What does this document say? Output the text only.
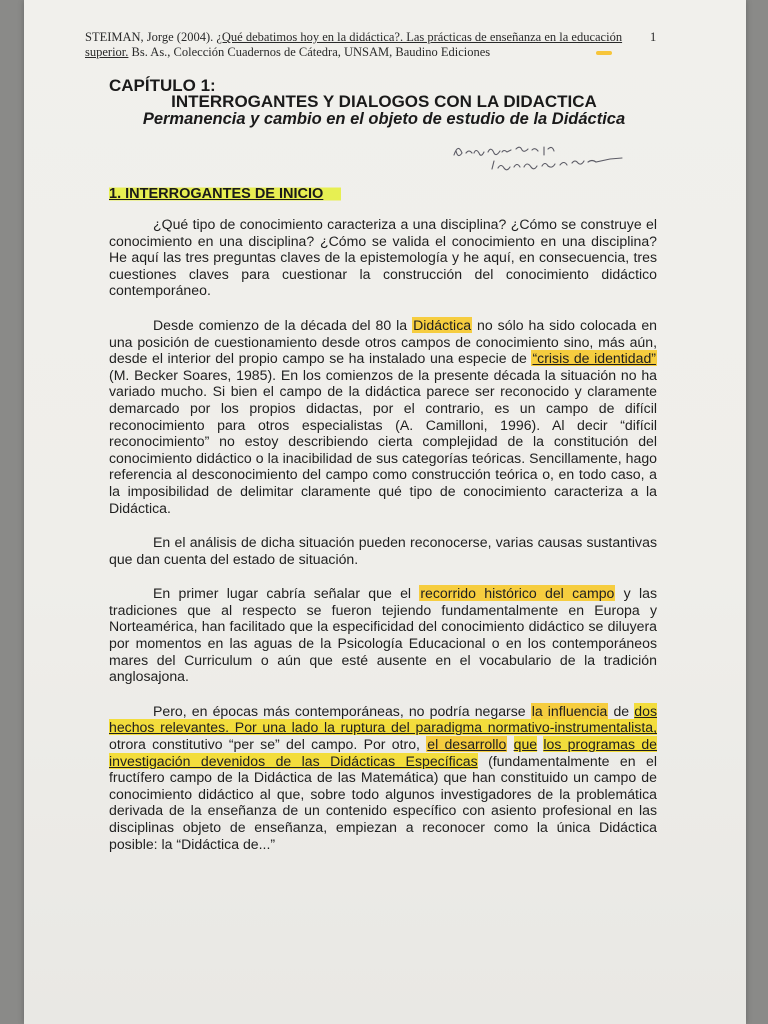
STEIMAN, Jorge (2004). ¿Qué debatimos hoy en la didáctica?. Las prácticas de enseñanza en la educación superior. Bs. As., Colección Cuadernos de Cátedra, UNSAM, Baudino Ediciones
1
CAPÍTULO 1:
INTERROGANTES Y DIALOGOS CON LA DIDACTICA
Permanencia y cambio en el objeto de estudio de la Didáctica
Práctica de la enseñanza
1. INTERROGANTES DE INICIO

¿Qué tipo de conocimiento caracteriza a una disciplina? ¿Cómo se construye el conocimiento en una disciplina? ¿Cómo se valida el conocimiento en una disciplina? He aquí las tres preguntas claves de la epistemología y he aquí, en consecuencia, tres cuestiones claves para cuestionar la construcción del conocimiento didáctico contemporáneo.

Desde comienzo de la década del 80 la Didáctica no sólo ha sido colocada en una posición de cuestionamiento desde otros campos de conocimiento sino, más aún, desde el interior del propio campo se ha instalado una especie de “crisis de identidad” (M. Becker Soares, 1985). En los comienzos de la presente década la situación no ha variado mucho. Si bien el campo de la didáctica parece ser reconocido y claramente demarcado por los propios didactas, por el contrario, es un campo de difícil reconocimiento para otros especialistas (A. Camilloni, 1996). Al decir “difícil reconocimiento” no estoy describiendo cierta complejidad de la constitución del conocimiento didáctico o la inacibilidad de sus categorías teóricas. Sencillamente, hago referencia al desconocimiento del campo como construcción teórica o, en todo caso, a la imposibilidad de delimitar claramente qué tipo de conocimiento caracteriza a la Didáctica.

En el análisis de dicha situación pueden reconocerse, varias causas sustantivas que dan cuenta del estado de situación.

En primer lugar cabría señalar que el recorrido histórico del campo y las tradiciones que al respecto se fueron tejiendo fundamentalmente en Europa y Norteamérica, han facilitado que la especificidad del conocimiento didáctico se diluyera por momentos en las aguas de la Psicología Educacional o en los contemporáneos mares del Curriculum o aún que esté ausente en el vocabulario de la tradición anglosajona.

Pero, en épocas más contemporáneas, no podría negarse la influencia de dos hechos relevantes. Por una lado la ruptura del paradigma normativo-instrumentalista, otrora constitutivo “per se” del campo. Por otro, el desarrollo que los programas de investigación devenidos de las Didácticas Específicas (fundamentalmente en el fructífero campo de la Didáctica de las Matemática) que han constituido un campo de conocimiento didáctico al que, sobre todo algunos investigadores de la problemática derivada de la enseñanza de un contenido específico con asiento profesional en las disciplinas objeto de enseñanza, empiezan a reconocer como la única Didáctica posible: la “Didáctica de...”
